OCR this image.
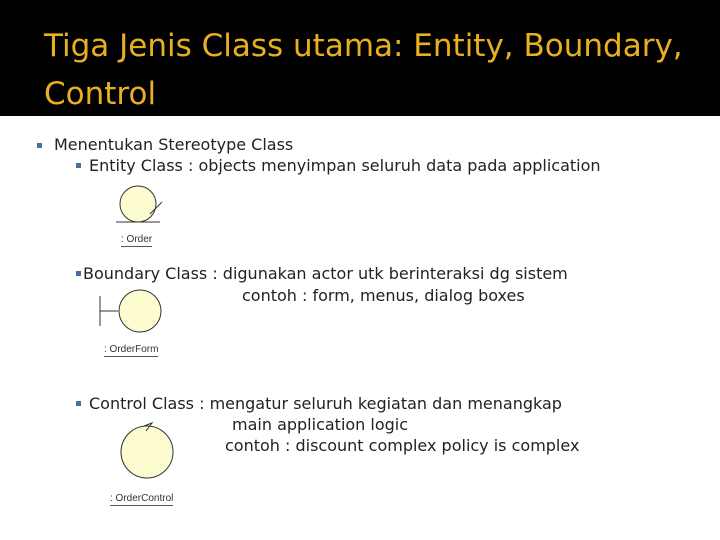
Tiga Jenis Class utama: Entity, Boundary, Control
Menentukan Stereotype Class
Entity Class : objects menyimpan seluruh data pada application
: Order
Boundary Class : digunakan actor utk berinteraksi dg sistem
contoh : form, menus, dialog boxes
: OrderForm
Control Class : mengatur seluruh kegiatan dan menangkap
main application logic
contoh : discount complex policy is complex
: OrderControl
